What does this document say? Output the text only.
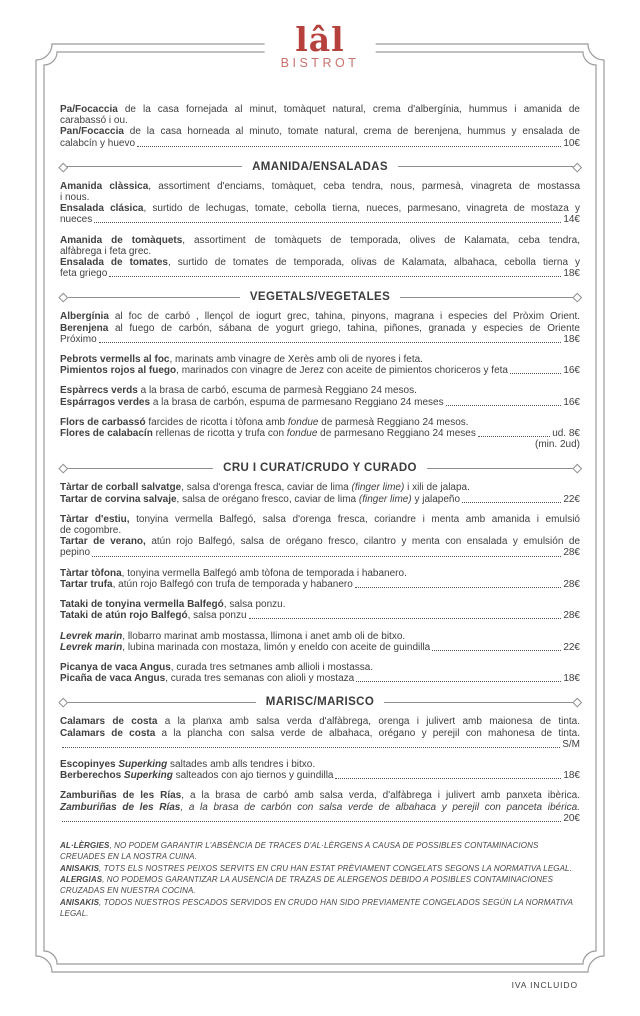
lâl
BISTROT
Pa/Focaccia de la casa fornejada al minut, tomàquet natural, crema d'albergínia, hummus i amanida de
carabassó i ou.
Pan/Focaccia de la casa horneada al minuto, tomate natural, crema de berenjena, hummus y ensalada de
calabcín y huevo	10€
AMANIDA/ENSALADAS
Amanida clàssica, assortiment d'enciams, tomàquet, ceba tendra, nous, parmesà, vinagreta de mostassa
i nous.
Ensalada clásica, surtido de lechugas, tomate, cebolla tierna, nueces, parmesano, vinagreta de mostaza y
nueces	14€
Amanida de tomàquets, assortiment de tomàquets de temporada, olives de Kalamata, ceba tendra,
alfàbrega i feta grec.
Ensalada de tomates, surtido de tomates de temporada, olivas de Kalamata, albahaca, cebolla tierna y
feta griego	18€
VEGETALS/VEGETALES
Albergínia al foc de carbó , llençol de iogurt grec, tahina, pinyons, magrana i especies del Pròxim Orient.
Berenjena al fuego de carbón, sábana de yogurt griego, tahina, piñones, granada y especies de Oriente
Próximo	18€
Pebrots vermells al foc, marinats amb vinagre de Xerès amb oli de nyores i feta.
Pimientos rojos al fuego, marinados con vinagre de Jerez con aceite de pimientos choriceros y feta	16€
Espàrrecs verds a la brasa de carbó, escuma de parmesà Reggiano 24 mesos.
Espárragos verdes a la brasa de carbón, espuma de parmesano Reggiano 24 meses	16€
Flors de carbassó farcides de ricotta i tòfona amb fondue de parmesà Reggiano 24 mesos.
Flores de calabacín rellenas de ricotta y trufa con fondue de parmesano Reggiano 24 meses	ud. 8€
(min. 2ud)
CRU I CURAT/CRUDO Y CURADO
Tàrtar de corball salvatge, salsa d'orenga fresca, caviar de lima (finger lime) i xili de jalapa.
Tartar de corvina salvaje, salsa de orégano fresco, caviar de lima (finger lime) y jalapeño	22€
Tàrtar d'estiu, tonyina vermella Balfegó, salsa d'orenga fresca, coriandre i menta amb amanida i emulsió
de cogombre.
Tartar de verano, atún rojo Balfegó, salsa de orégano fresco, cilantro y menta con ensalada y emulsión de
pepino	28€
Tàrtar tòfona, tonyina vermella Balfegó amb tòfona de temporada i habanero.
Tartar trufa, atún rojo Balfegó con trufa de temporada y habanero	28€
Tataki de tonyina vermella Balfegó, salsa ponzu.
Tataki de atún rojo Balfegó, salsa ponzu	28€
Levrek marin, llobarro marinat amb mostassa, llimona i anet amb oli de bitxo.
Levrek marin, lubina marinada con mostaza, limón y eneldo con aceite de guindilla	22€
Picanya de vaca Angus, curada tres setmanes amb allioli i mostassa.
Picaña de vaca Angus, curada tres semanas con alioli y mostaza	18€
MARISC/MARISCO
Calamars de costa a la planxa amb salsa verda d'alfàbrega, orenga i julivert amb maionesa de tinta.
Calamars de costa a la plancha con salsa verde de albahaca, orégano y perejil con mahonesa de tinta.
S/M
Escopinyes Superking saltades amb alls tendres i bitxo.
Berberechos Superking salteados con ajo tiernos y guindilla	18€
Zamburiñas de les Rías, a la brasa de carbó amb salsa verda, d'alfàbrega i julivert amb panxeta ibèrica.
Zamburiñas de les Rías, a la brasa de carbón con salsa verde de albahaca y perejil con panceta ibérica.
20€
AL·LÈRGIES, NO PODEM GARANTIR L'ABSÈNCIA DE TRACES D'AL·LÈRGENS A CAUSA DE POSSIBLES CONTAMINACIONS CREUADES EN LA NOSTRA CUINA.
ANISAKIS, TOTS ELS NOSTRES PEIXOS SERVITS EN CRU HAN ESTAT PRÈVIAMENT CONGELATS SEGONS LA NORMATIVA LEGAL.
ALERGIAS, NO PODEMOS GARANTIZAR LA AUSENCIA DE TRAZAS DE ALERGENOS DEBIDO A POSIBLES CONTAMINACIONES CRUZADAS EN NUESTRA COCINA.
ANISAKIS, TODOS NUESTROS PESCADOS SERVIDOS EN CRUDO HAN SIDO PREVIAMENTE CONGELADOS SEGÚN LA NORMATIVA LEGAL.
IVA INCLUIDO
